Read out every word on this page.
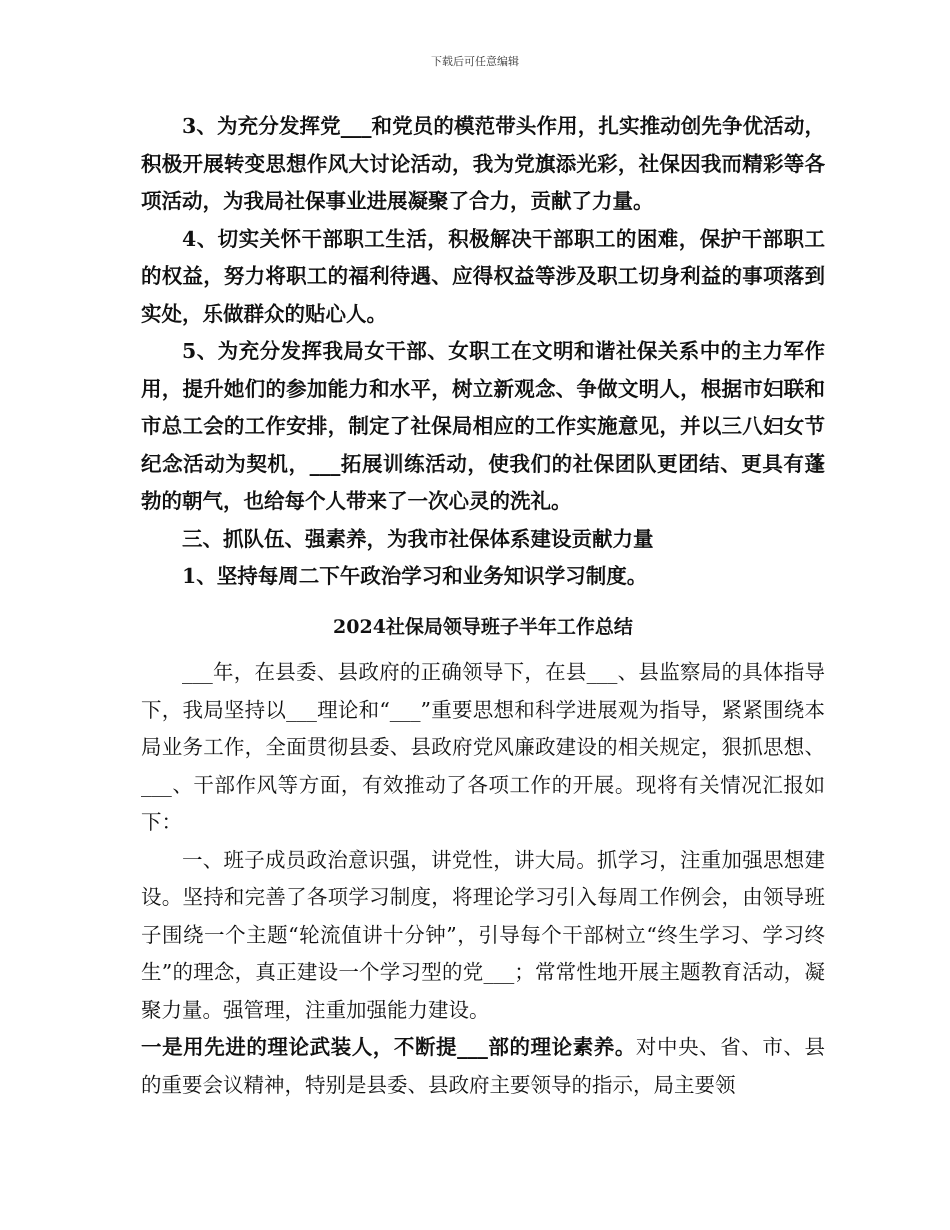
下载后可任意编辑

3、为充分发挥党___和党员的模范带头作用，扎实推动创先争优活动，积极开展转变思想作风大讨论活动，我为党旗添光彩，社保因我而精彩等各项活动，为我局社保事业进展凝聚了合力，贡献了力量。

4、切实关怀干部职工生活，积极解决干部职工的困难，保护干部职工的权益，努力将职工的福利待遇、应得权益等涉及职工切身利益的事项落到实处，乐做群众的贴心人。

5、为充分发挥我局女干部、女职工在文明和谐社保关系中的主力军作用，提升她们的参加能力和水平，树立新观念、争做文明人，根据市妇联和市总工会的工作安排，制定了社保局相应的工作实施意见，并以三八妇女节纪念活动为契机，___拓展训练活动，使我们的社保团队更团结、更具有蓬勃的朝气，也给每个人带来了一次心灵的洗礼。

三、抓队伍、强素养，为我市社保体系建设贡献力量

1、坚持每周二下午政治学习和业务知识学习制度。

2024社保局领导班子半年工作总结

___年，在县委、县政府的正确领导下，在县___、县监察局的具体指导下，我局坚持以___理论和“___”重要思想和科学进展观为指导，紧紧围绕本局业务工作，全面贯彻县委、县政府党风廉政建设的相关规定，狠抓思想、___、干部作风等方面，有效推动了各项工作的开展。现将有关情况汇报如下：

一、班子成员政治意识强，讲党性，讲大局。抓学习，注重加强思想建设。坚持和完善了各项学习制度，将理论学习引入每周工作例会，由领导班子围绕一个主题“轮流值讲十分钟”，引导每个干部树立“终生学习、学习终生”的理念，真正建设一个学习型的党___；常常性地开展主题教育活动，凝聚力量。强管理，注重加强能力建设。

一是用先进的理论武装人，不断提___部的理论素养。对中央、省、市、县的重要会议精神，特别是县委、县政府主要领导的指示，局主要领
